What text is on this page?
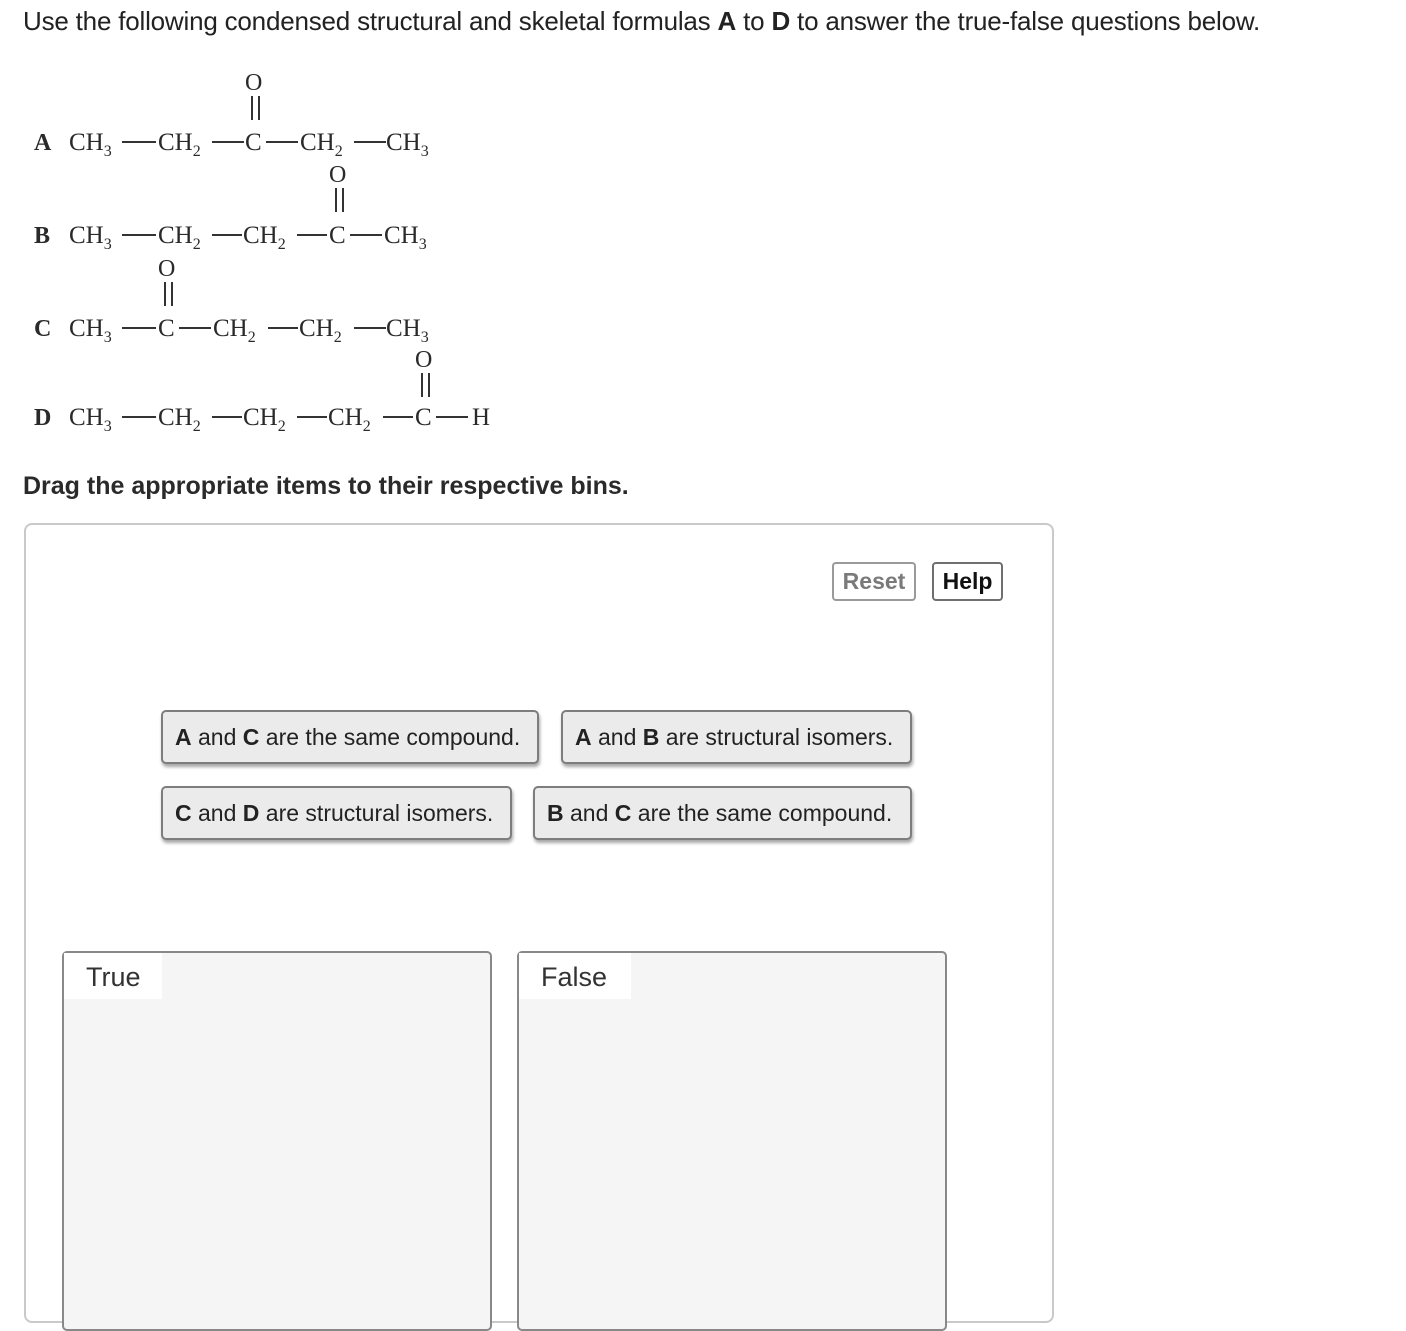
Use the following condensed structural and skeletal formulas A to D to answer the true-false questions below.
A $CH_3$ $CH_2$ C
O
$CH_2$ $CH_3$
B $CH_3$ $CH_2$ $CH_2$ C
O
$CH_3$
C $CH_3$ C
O
$CH_2$ $CH_2$ $CH_3$
D $CH_3$ $CH_2$ $CH_2$ $CH_2$ C
O
H
Drag the appropriate items to their respective bins.
Reset	Help
A and C are the same compound. A and B are structural isomers.
C and D are structural isomers. B and C are the same compound.
True	False
